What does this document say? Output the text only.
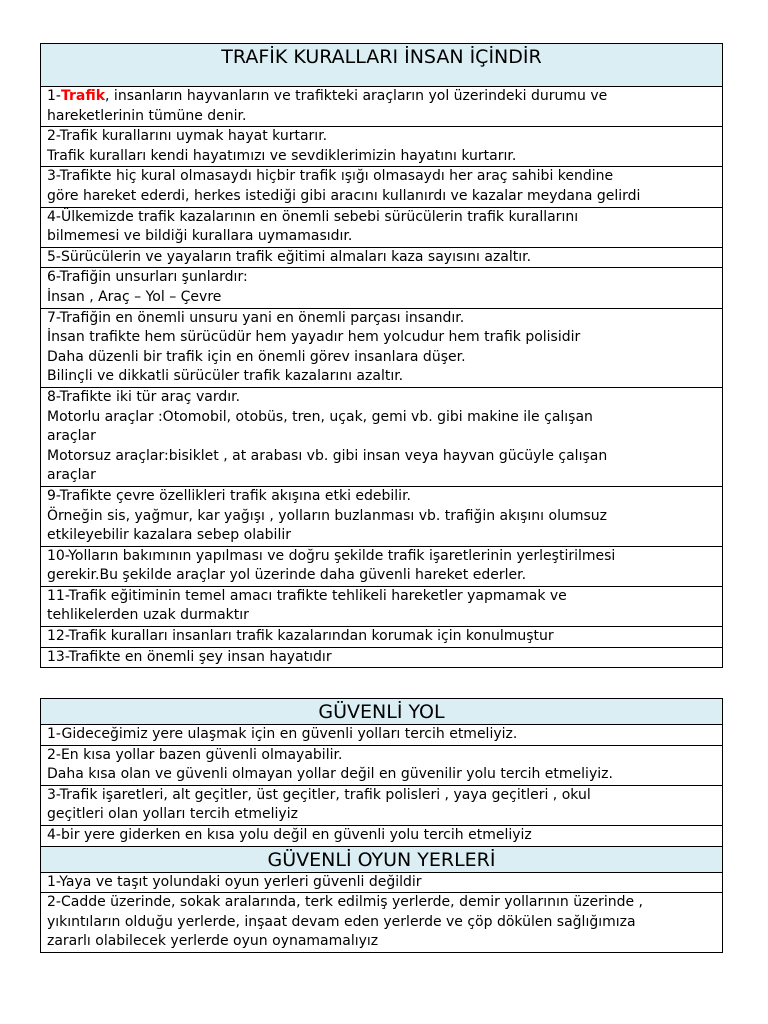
TRAFİK KURALLARI İNSAN İÇİNDİR

1-Trafik, insanların hayvanların ve trafikteki araçların yol üzerindeki durumu ve
hareketlerinin tümüne denir.

2-Trafik kurallarını uymak hayat kurtarır.
Trafik kuralları kendi hayatımızı ve sevdiklerimizin hayatını kurtarır.

3-Trafikte hiç kural olmasaydı hiçbir trafik ışığı olmasaydı her araç sahibi kendine
göre hareket ederdi, herkes istediği gibi aracını kullanırdı ve kazalar meydana gelirdi

4-Ülkemizde trafik kazalarının en önemli sebebi sürücülerin trafik kurallarını
bilmemesi ve bildiği kurallara uymamasıdır.

5-Sürücülerin ve yayaların trafik eğitimi almaları kaza sayısını azaltır.

6-Trafiğin unsurları şunlardır:
İnsan , Araç – Yol – Çevre

7-Trafiğin en önemli unsuru yani en önemli parçası insandır.
İnsan trafikte hem sürücüdür hem yayadır hem yolcudur hem trafik polisidir
Daha düzenli bir trafik için en önemli görev insanlara düşer.
Bilinçli ve dikkatli sürücüler trafik kazalarını azaltır.

8-Trafikte iki tür araç vardır.
Motorlu araçlar :Otomobil, otobüs, tren, uçak, gemi vb. gibi makine ile çalışan
araçlar
Motorsuz araçlar:bisiklet , at arabası vb. gibi insan veya hayvan gücüyle çalışan
araçlar

9-Trafikte çevre özellikleri trafik akışına etki edebilir.
Örneğin sis, yağmur, kar yağışı , yolların buzlanması vb. trafiğin akışını olumsuz
etkileyebilir kazalara sebep olabilir

10-Yolların bakımının yapılması ve doğru şekilde trafik işaretlerinin yerleştirilmesi
gerekir.Bu şekilde araçlar yol üzerinde daha güvenli hareket ederler.

11-Trafik eğitiminin temel amacı trafikte tehlikeli hareketler yapmamak ve
tehlikelerden uzak durmaktır

12-Trafik kuralları insanları trafik kazalarından korumak için konulmuştur

13-Trafikte en önemli şey insan hayatıdır
GÜVENLİ YOL

1-Gideceğimiz yere ulaşmak için en güvenli yolları tercih etmeliyiz.

2-En kısa yollar bazen güvenli olmayabilir.
Daha kısa olan ve güvenli olmayan yollar değil en güvenilir yolu tercih etmeliyiz.

3-Trafik işaretleri, alt geçitler, üst geçitler, trafik polisleri , yaya geçitleri , okul
geçitleri olan yolları tercih etmeliyiz

4-bir yere giderken en kısa yolu değil en güvenli yolu tercih etmeliyiz

GÜVENLİ OYUN YERLERİ

1-Yaya ve taşıt yolundaki oyun yerleri güvenli değildir

2-Cadde üzerinde, sokak aralarında, terk edilmiş yerlerde, demir yollarının üzerinde ,
yıkıntıların olduğu yerlerde, inşaat devam eden yerlerde ve çöp dökülen sağlığımıza
zararlı olabilecek yerlerde oyun oynamamalıyız
